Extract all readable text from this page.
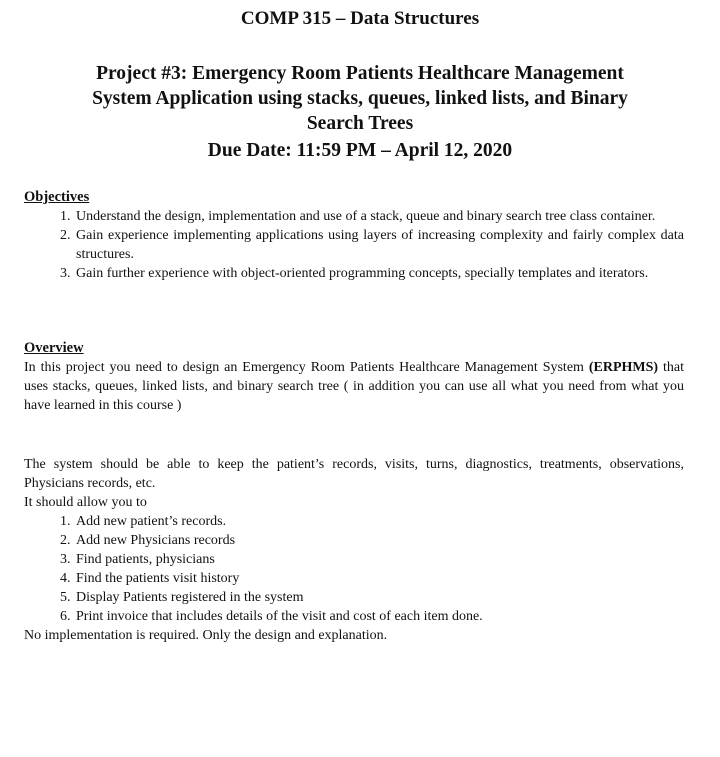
COMP 315 – Data Structures
Project #3: Emergency Room Patients Healthcare Management
System Application using stacks, queues, linked lists, and Binary
Search Trees
Due Date: 11:59 PM – April 12, 2020
Objectives
1. Understand the design, implementation and use of a stack, queue and binary search tree class container.
2. Gain experience implementing applications using layers of increasing complexity and fairly complex data structures.
3. Gain further experience with object-oriented programming concepts, specially templates and iterators.
Overview
In this project you need to design an Emergency Room Patients Healthcare Management System (ERPHMS) that uses stacks, queues, linked lists, and binary search tree ( in addition you can use all what you need from what you have learned in this course )
The system should be able to keep the patient’s records, visits, turns, diagnostics, treatments, observations, Physicians records, etc.
It should allow you to
1. Add new patient’s records.
2. Add new Physicians records
3. Find patients, physicians
4. Find the patients visit history
5. Display Patients registered in the system
6. Print invoice that includes details of the visit and cost of each item done.
No implementation is required. Only the design and explanation.
